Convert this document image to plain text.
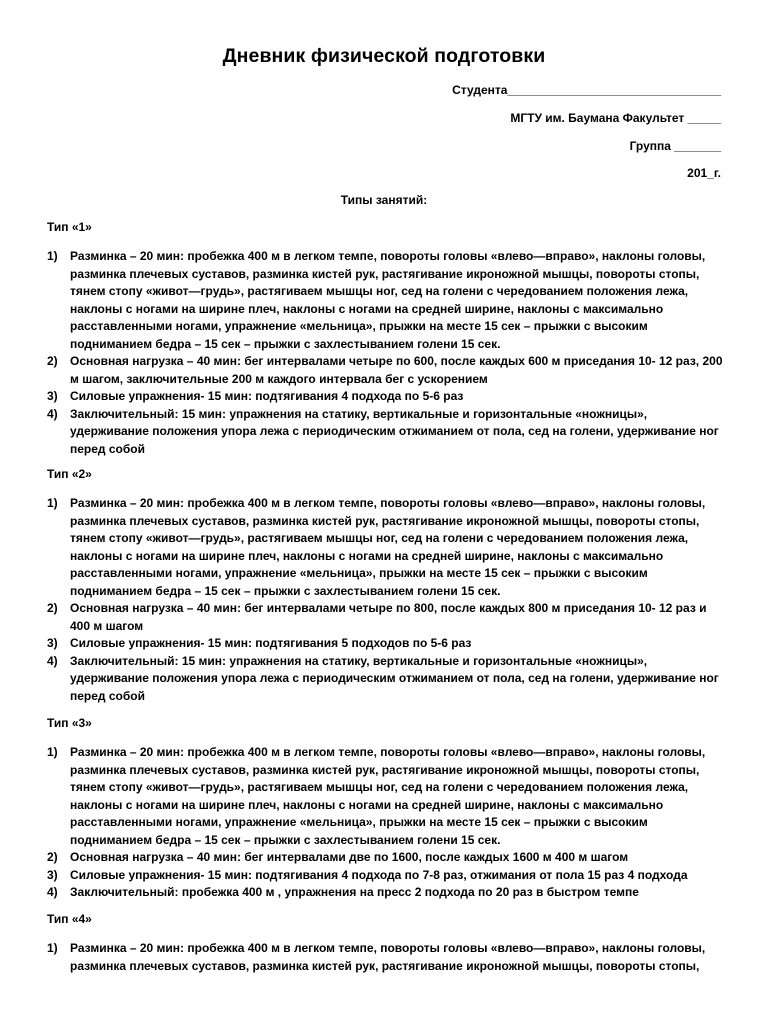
Дневник физической подготовки
Студента________________________________
МГТУ им. Баумана Факультет _____
Группа _______
201_г.
Типы занятий:
Тип «1»
1) Разминка – 20 мин: пробежка 400 м в легком темпе, повороты головы «влево—вправо», наклоны головы, разминка плечевых суставов, разминка кистей рук, растягивание икроножной мышцы, повороты стопы, тянем стопу «живот—грудь», растягиваем мышцы ног, сед на голени с чередованием положения лежа, наклоны с ногами на ширине плеч, наклоны с ногами на средней ширине, наклоны с максимально расставленными ногами, упражнение «мельница», прыжки на месте 15 сек – прыжки с высоким подниманием бедра – 15 сек – прыжки с захлестыванием голени 15 сек.
2) Основная нагрузка – 40 мин: бег интервалами четыре по 600, после каждых 600 м приседания 10- 12 раз, 200 м шагом, заключительные 200 м каждого интервала бег с ускорением
3) Силовые упражнения- 15 мин: подтягивания 4 подхода по 5-6 раз
4) Заключительный: 15 мин: упражнения на статику, вертикальные и горизонтальные «ножницы», удерживание положения упора лежа с периодическим отжиманием от пола, сед на голени, удерживание ног перед собой
Тип «2»
1) Разминка – 20 мин: пробежка 400 м в легком темпе, повороты головы «влево—вправо», наклоны головы, разминка плечевых суставов, разминка кистей рук, растягивание икроножной мышцы, повороты стопы, тянем стопу «живот—грудь», растягиваем мышцы ног, сед на голени с чередованием положения лежа, наклоны с ногами на ширине плеч, наклоны с ногами на средней ширине, наклоны с максимально расставленными ногами, упражнение «мельница», прыжки на месте 15 сек – прыжки с высоким подниманием бедра – 15 сек – прыжки с захлестыванием голени 15 сек.
2) Основная нагрузка – 40 мин: бег интервалами четыре по 800, после каждых 800 м приседания 10- 12 раз и 400 м шагом
3) Силовые упражнения- 15 мин: подтягивания 5 подходов по 5-6 раз
4) Заключительный: 15 мин: упражнения на статику, вертикальные и горизонтальные «ножницы», удерживание положения упора лежа с периодическим отжиманием от пола, сед на голени, удерживание ног перед собой
Тип «3»
1) Разминка – 20 мин: пробежка 400 м в легком темпе, повороты головы «влево—вправо», наклоны головы, разминка плечевых суставов, разминка кистей рук, растягивание икроножной мышцы, повороты стопы, тянем стопу «живот—грудь», растягиваем мышцы ног, сед на голени с чередованием положения лежа, наклоны с ногами на ширине плеч, наклоны с ногами на средней ширине, наклоны с максимально расставленными ногами, упражнение «мельница», прыжки на месте 15 сек – прыжки с высоким подниманием бедра – 15 сек – прыжки с захлестыванием голени 15 сек.
2) Основная нагрузка – 40 мин: бег интервалами две по 1600, после каждых 1600 м 400 м шагом
3) Силовые упражнения- 15 мин: подтягивания 4 подхода по 7-8 раз, отжимания от пола 15 раз 4 подхода
4) Заключительный: пробежка 400 м , упражнения на пресс 2 подхода по 20 раз в быстром темпе
Тип «4»
1) Разминка – 20 мин: пробежка 400 м в легком темпе, повороты головы «влево—вправо», наклоны головы, разминка плечевых суставов, разминка кистей рук, растягивание икроножной мышцы, повороты стопы,
